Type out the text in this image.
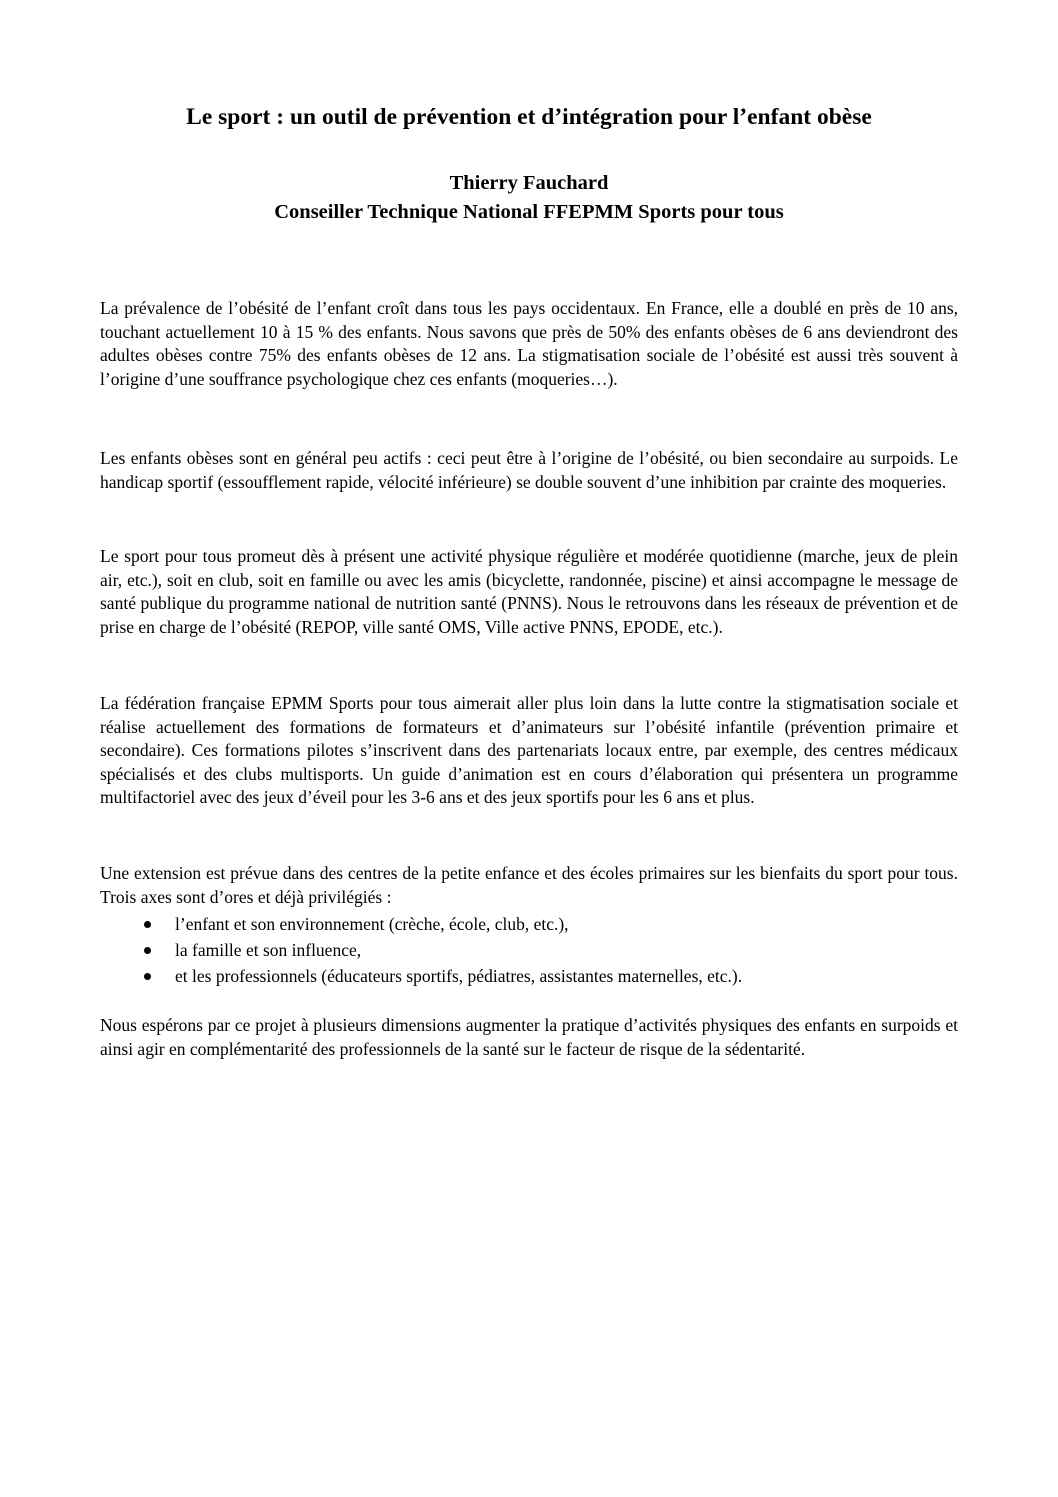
Le sport : un outil de prévention et d’intégration pour l’enfant obèse

Thierry Fauchard

Conseiller Technique National FFEPMM Sports pour tous

La prévalence de l’obésité de l’enfant croît dans tous les pays occidentaux. En France, elle a doublé en près de 10 ans, touchant actuellement 10 à 15 % des enfants. Nous savons que près de 50% des enfants obèses de 6 ans deviendront des adultes obèses contre 75% des enfants obèses de 12 ans. La stigmatisation sociale de l’obésité est aussi très souvent à l’origine d’une souffrance psychologique chez ces enfants (moqueries…).

Les enfants obèses sont en général peu actifs : ceci peut être à l’origine de l’obésité, ou bien secondaire au surpoids. Le handicap sportif (essoufflement rapide, vélocité inférieure) se double souvent d’une inhibition par crainte des moqueries.

Le sport pour tous promeut dès à présent une activité physique régulière et modérée quotidienne (marche, jeux de plein air, etc.), soit en club, soit en famille ou avec les amis (bicyclette, randonnée, piscine) et ainsi accompagne le message de santé publique du programme national de nutrition santé (PNNS). Nous le retrouvons dans les réseaux de prévention et de prise en charge de l’obésité (REPOP, ville santé OMS, Ville active PNNS, EPODE, etc.).

La fédération française EPMM Sports pour tous aimerait aller plus loin dans la lutte contre la stigmatisation sociale et réalise actuellement des formations de formateurs et d’animateurs sur l’obésité infantile (prévention primaire et secondaire). Ces formations pilotes s’inscrivent dans des partenariats locaux entre, par exemple, des centres médicaux spécialisés et des clubs multisports. Un guide d’animation est en cours d’élaboration qui présentera un programme multifactoriel avec des jeux d’éveil pour les 3-6 ans et des jeux sportifs pour les 6 ans et plus.

Une extension est prévue dans des centres de la petite enfance et des écoles primaires sur les bienfaits du sport pour tous. Trois axes sont d’ores et déjà privilégiés :

l’enfant et son environnement (crèche, école, club, etc.),
la famille et son influence,
et les professionnels (éducateurs sportifs, pédiatres, assistantes maternelles, etc.).

Nous espérons par ce projet à plusieurs dimensions augmenter la pratique d’activités physiques des enfants en surpoids et ainsi agir en complémentarité des professionnels de la santé sur le facteur de risque de la sédentarité.
